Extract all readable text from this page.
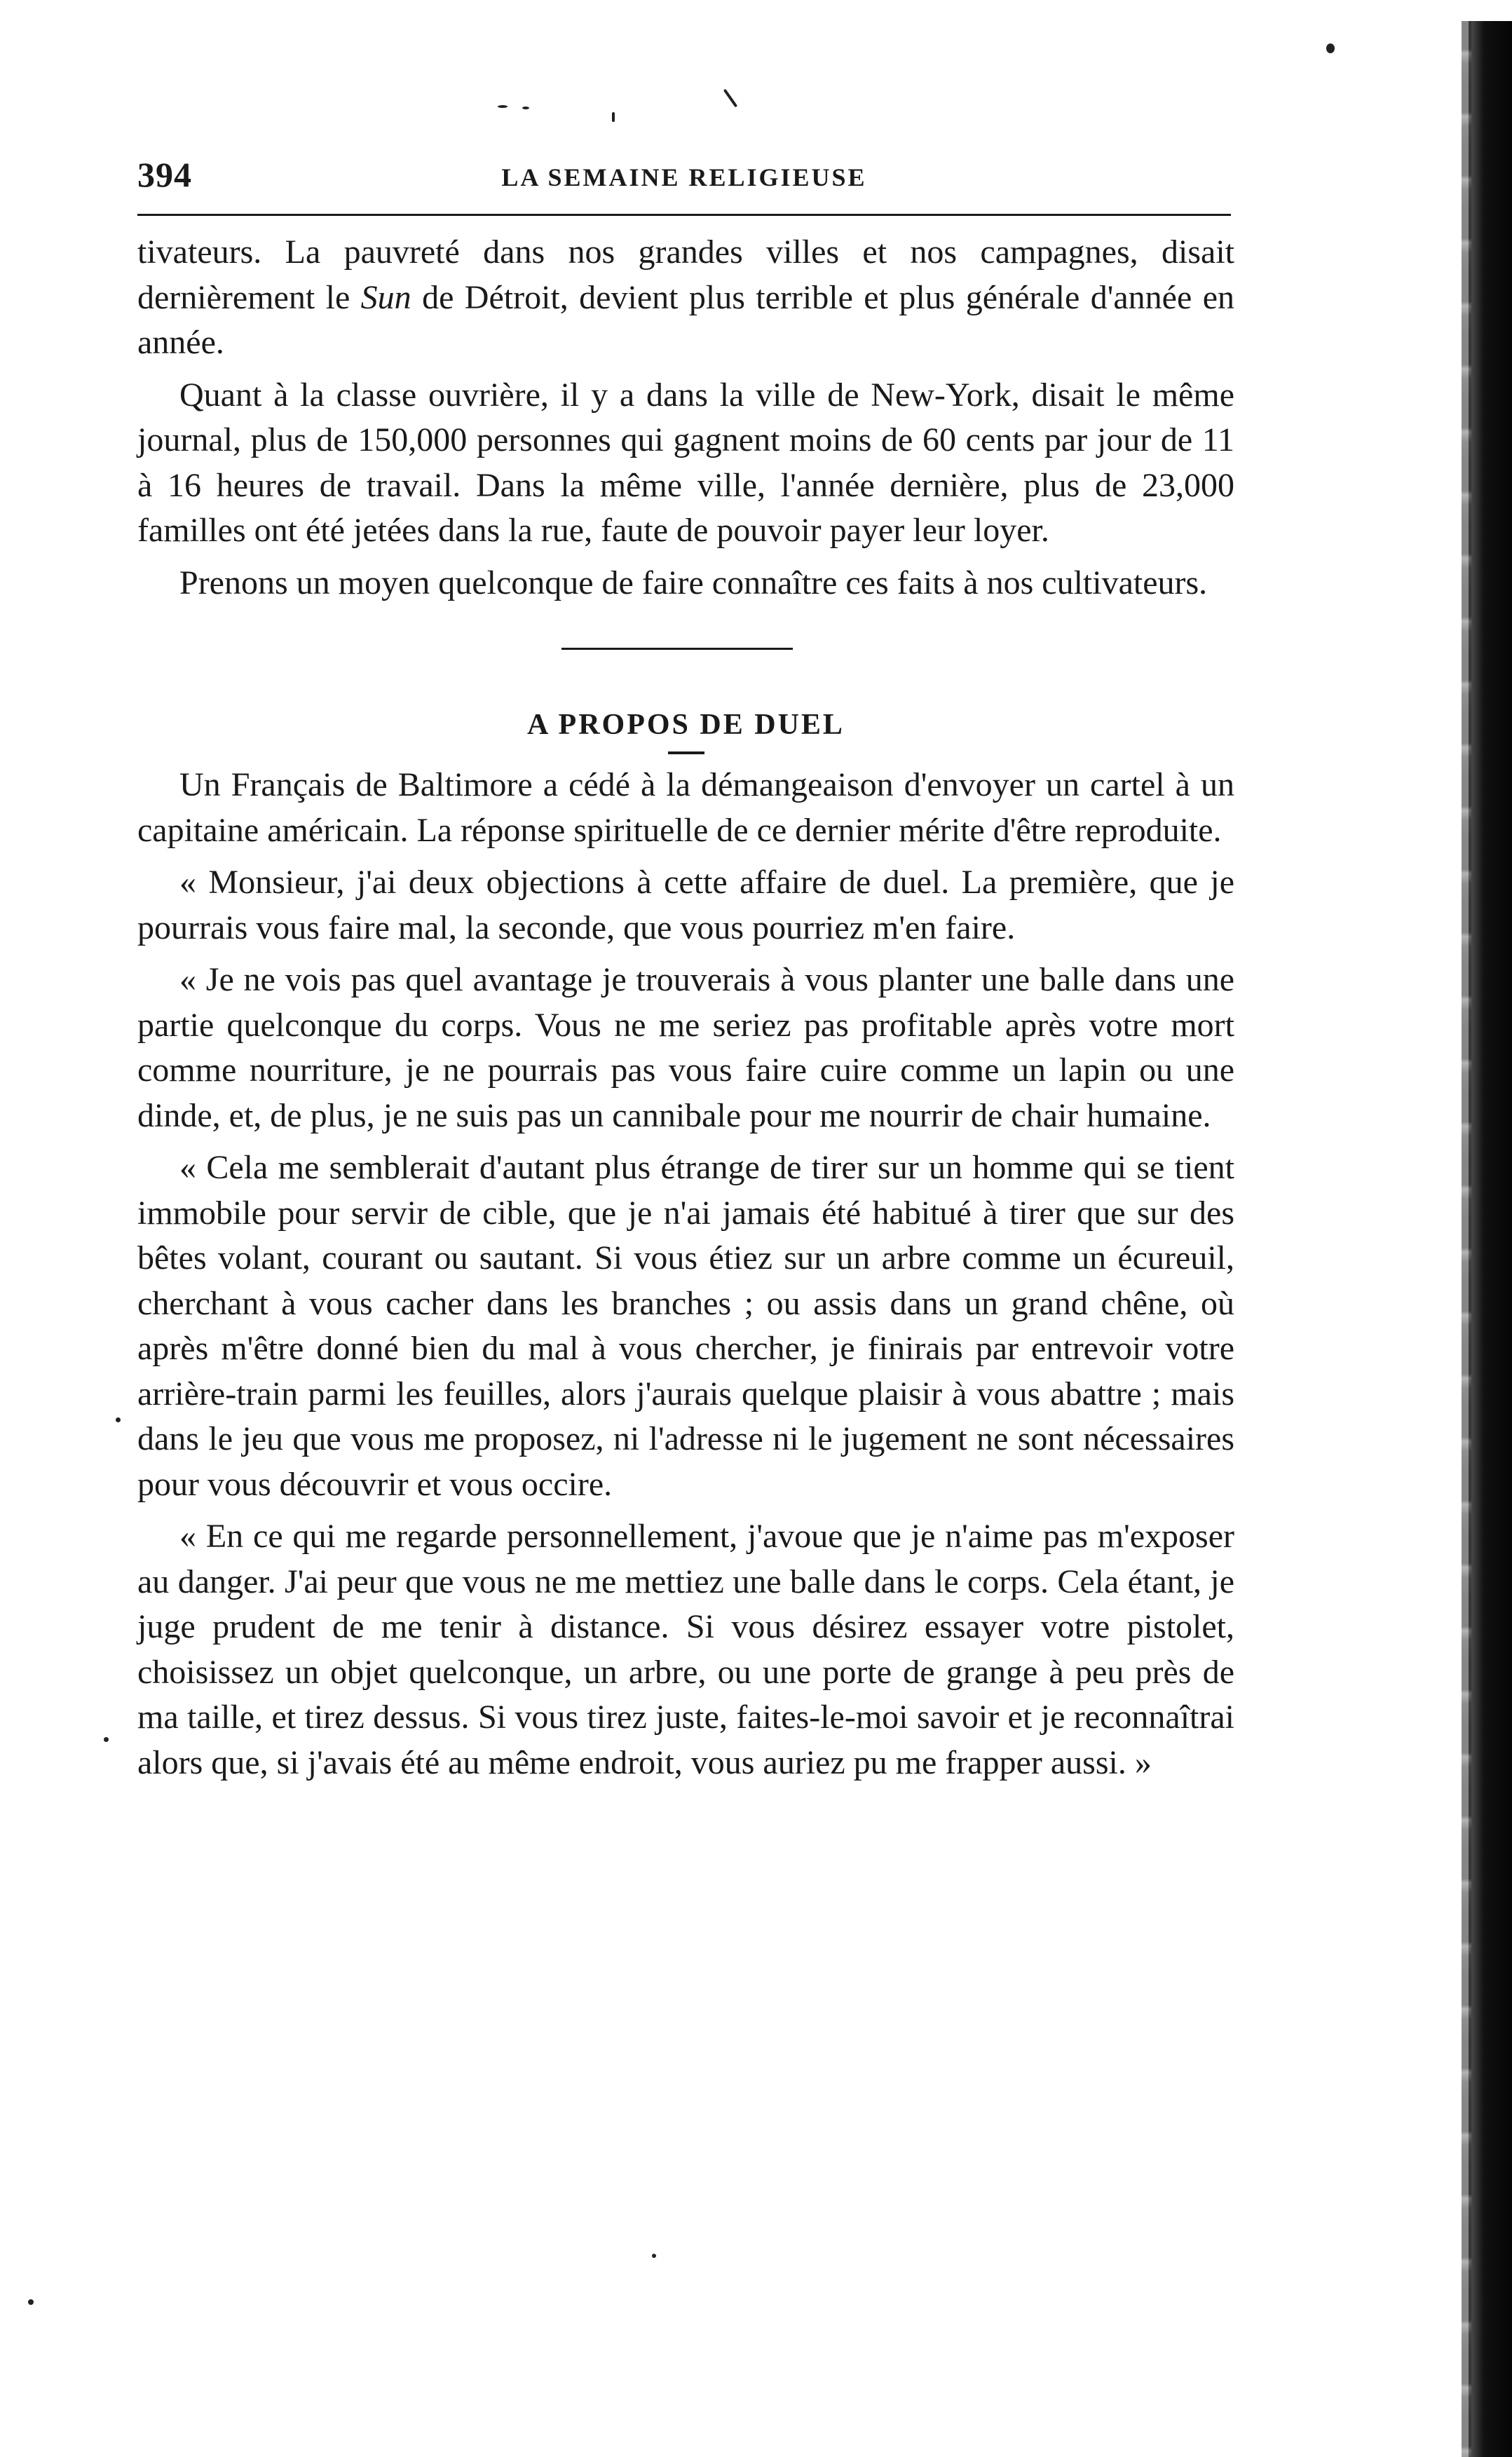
394	LA SEMAINE RELIGIEUSE

tivateurs. La pauvreté dans nos grandes villes et nos campagnes, disait dernièrement le Sun de Détroit, devient plus terrible et plus générale d'année en année.

Quant à la classe ouvrière, il y a dans la ville de New-York, disait le même journal, plus de 150,000 personnes qui gagnent moins de 60 cents par jour de 11 à 16 heures de travail. Dans la même ville, l'année dernière, plus de 23,000 familles ont été jetées dans la rue, faute de pouvoir payer leur loyer.

Prenons un moyen quelconque de faire connaître ces faits à nos cultivateurs.

A PROPOS DE DUEL

Un Français de Baltimore a cédé à la démangeaison d'envoyer un cartel à un capitaine américain. La réponse spirituelle de ce dernier mérite d'être reproduite.

« Monsieur, j'ai deux objections à cette affaire de duel. La première, que je pourrais vous faire mal, la seconde, que vous pourriez m'en faire.

« Je ne vois pas quel avantage je trouverais à vous planter une balle dans une partie quelconque du corps. Vous ne me seriez pas profitable après votre mort comme nourriture, je ne pourrais pas vous faire cuire comme un lapin ou une dinde, et, de plus, je ne suis pas un cannibale pour me nourrir de chair humaine.

« Cela me semblerait d'autant plus étrange de tirer sur un homme qui se tient immobile pour servir de cible, que je n'ai jamais été habitué à tirer que sur des bêtes volant, courant ou sautant. Si vous étiez sur un arbre comme un écureuil, cherchant à vous cacher dans les branches ; ou assis dans un grand chêne, où après m'être donné bien du mal à vous chercher, je finirais par entrevoir votre arrière-train parmi les feuilles, alors j'aurais quelque plaisir à vous abattre ; mais dans le jeu que vous me proposez, ni l'adresse ni le jugement ne sont nécessaires pour vous découvrir et vous occire.

« En ce qui me regarde personnellement, j'avoue que je n'aime pas m'exposer au danger. J'ai peur que vous ne me mettiez une balle dans le corps. Cela étant, je juge prudent de me tenir à distance. Si vous désirez essayer votre pistolet, choisissez un objet quelconque, un arbre, ou une porte de grange à peu près de ma taille, et tirez dessus. Si vous tirez juste, faites-le-moi savoir et je reconnaîtrai alors que, si j'avais été au même endroit, vous auriez pu me frapper aussi. »
